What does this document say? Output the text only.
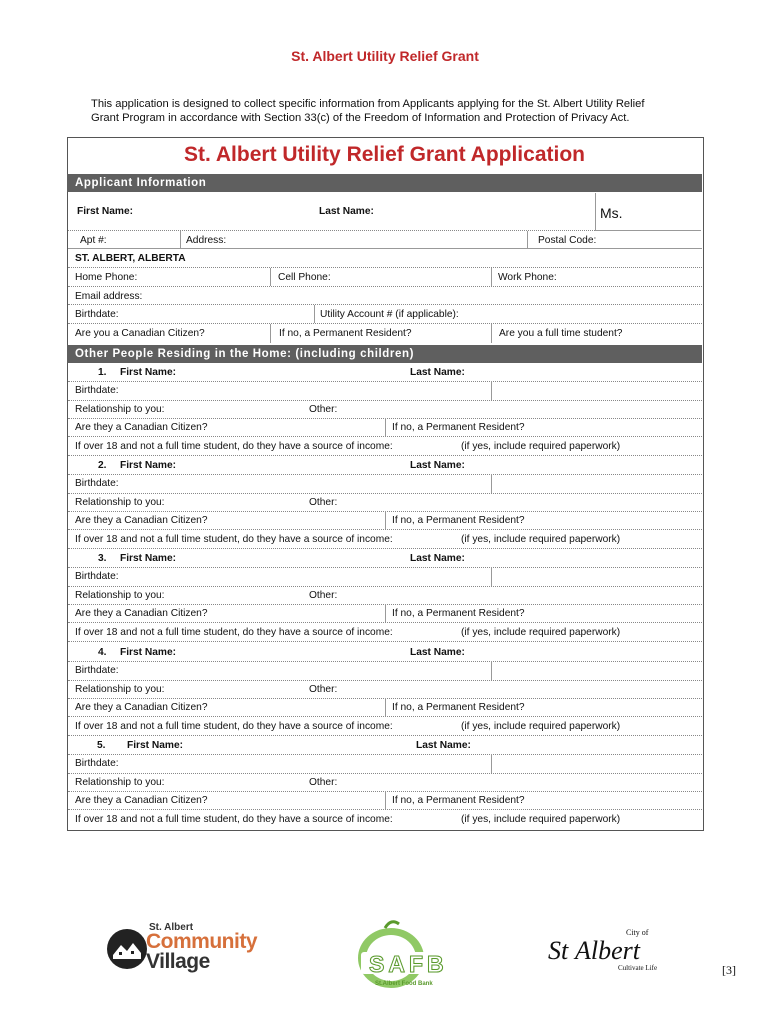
St. Albert Utility Relief Grant
This application is designed to collect specific information from Applicants applying for the St. Albert Utility Relief
Grant Program in accordance with Section 33(c) of the Freedom of Information and Protection of Privacy Act.
St. Albert Utility Relief Grant Application
Applicant Information
Ms.
First Name:	Last Name:
Apt #:	Address:	Postal Code:
ST. ALBERT, ALBERTA
Home Phone:	Cell Phone:	Work Phone:
Email address:
Birthdate:	Utility Account # (if applicable):
Are you a Canadian Citizen?	If no, a Permanent Resident?	Are you a full time student?
Other People Residing in the Home: (including children)
1. First Name:	Last Name:
Birthdate:
Relationship to you:	Other:
Are they a Canadian Citizen?	If no, a Permanent Resident?
If over 18 and not a full time student, do they have a source of income:	(if yes, include required paperwork)
2. First Name:	Last Name:
Birthdate:
Relationship to you:	Other:
Are they a Canadian Citizen?	If no, a Permanent Resident?
If over 18 and not a full time student, do they have a source of income:	(if yes, include required paperwork)
3. First Name:	Last Name:
Birthdate:
Relationship to you:	Other:
Are they a Canadian Citizen?	If no, a Permanent Resident?
If over 18 and not a full time student, do they have a source of income:	(if yes, include required paperwork)
4. First Name:	Last Name:
Birthdate:
Relationship to you:	Other:
Are they a Canadian Citizen?	If no, a Permanent Resident?
If over 18 and not a full time student, do they have a source of income:	(if yes, include required paperwork)
5. First Name:	Last Name:
Birthdate:
Relationship to you:	Other:
Are they a Canadian Citizen?	If no, a Permanent Resident?
If over 18 and not a full time student, do they have a source of income:	(if yes, include required paperwork)
St. Albert
Community
Village	SAFB
St.Albert Food Bank
City of
St Albert
Cultivate Life	[3]
